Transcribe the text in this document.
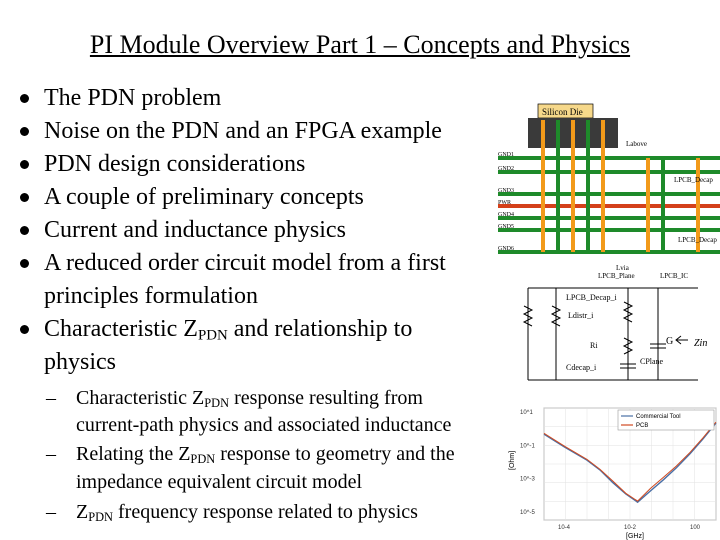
PI Module Overview Part 1 – Concepts and Physics
The PDN problem
Noise on the PDN and an FPGA example
PDN design considerations
A couple of preliminary concepts
Current and inductance physics
A reduced order circuit model from a first
principles formulation
Characteristic $Z_{PDN}$ and relationship to
physics
– Characteristic $Z_{PDN}$ response resulting from
current-path physics and associated inductance
– Relating the $Z_{PDN}$ response to geometry and the
impedance equivalent circuit model
– $Z_{PDN}$ frequency response related to physics
Silicon Die
GND1
GND2
GND3
PWR
GND4
GND5
GND6
Labove
LPCB_Decap
LPCB_Plane	LPCB_IC
Lvia
LPCB_Decap
LPCB_Decap_i
Ldistr_i
Ri
Cdecap_i
CPlane
G Zin
10-4	10-2	100
10^1
10^-1
10^-3
10^-5
[Ohm]
[GHz]
Commercial Tool
PCB
